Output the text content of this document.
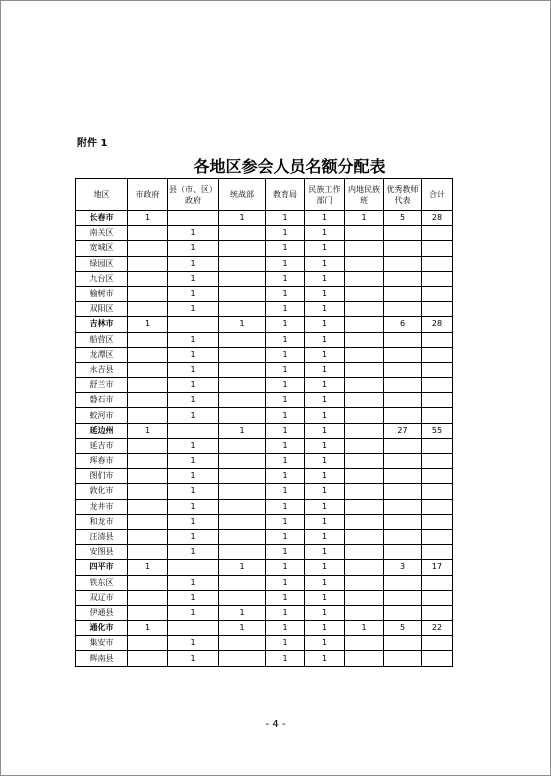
附件 1
各地区参会人员名额分配表
地区	市政府	县（市、区）政府	统战部	教育局	民族工作部门	内地民族班	优秀教师代表	合计
长春市	1		1	1	1	1	5	28
南关区		1		1	1			
宽城区		1		1	1			
绿园区		1		1	1			
九台区		1		1	1			
榆树市		1		1	1			
双阳区		1		1	1			
吉林市	1		1	1	1		6	28
船营区		1		1	1			
龙潭区		1		1	1			
永吉县		1		1	1			
舒兰市		1		1	1			
磐石市		1		1	1			
蛟河市		1		1	1			
延边州	1		1	1	1		27	55
延吉市		1		1	1			
珲春市		1		1	1			
图们市		1		1	1			
敦化市		1		1	1			
龙井市		1		1	1			
和龙市		1		1	1			
汪清县		1		1	1			
安图县		1		1	1			
四平市	1		1	1	1		3	17
铁东区		1		1	1			
双辽市		1		1	1			
伊通县		1	1	1	1			
通化市	1		1	1	1	1	5	22
集安市		1		1	1			
辉南县		1		1	1			
- 4 -
